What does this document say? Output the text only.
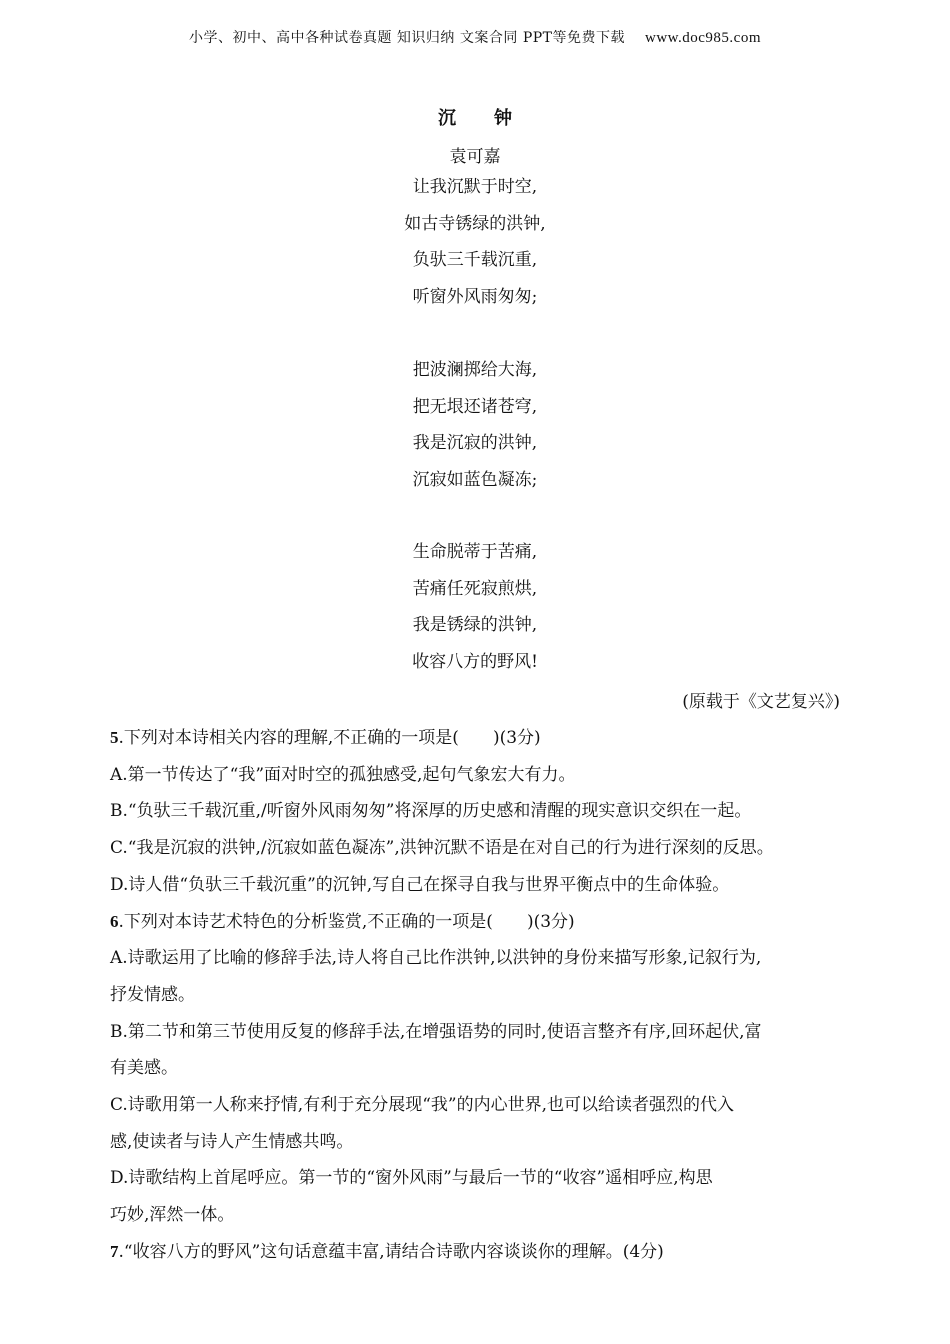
小学、初中、高中各种试卷真题 知识归纳 文案合同 PPT等免费下载 www.doc985.com
沉 钟
袁可嘉
让我沉默于时空,
如古寺锈绿的洪钟,
负驮三千载沉重,
听窗外风雨匆匆;
把波澜掷给大海,
把无垠还诸苍穹,
我是沉寂的洪钟,
沉寂如蓝色凝冻;
生命脱蒂于苦痛,
苦痛任死寂煎烘,
我是锈绿的洪钟,
收容八方的野风!
(原载于《文艺复兴》)

5.下列对本诗相关内容的理解,不正确的一项是( )(3分)

A.第一节传达了“我”面对时空的孤独感受,起句气象宏大有力。

B.“负驮三千载沉重,/听窗外风雨匆匆”将深厚的历史感和清醒的现实意识交织在一起。

C.“我是沉寂的洪钟,/沉寂如蓝色凝冻”,洪钟沉默不语是在对自己的行为进行深刻的反思。

D.诗人借“负驮三千载沉重”的沉钟,写自己在探寻自我与世界平衡点中的生命体验。

6.下列对本诗艺术特色的分析鉴赏,不正确的一项是( )(3分)

A.诗歌运用了比喻的修辞手法,诗人将自己比作洪钟,以洪钟的身份来描写形象,记叙行为,

抒发情感。

B.第二节和第三节使用反复的修辞手法,在增强语势的同时,使语言整齐有序,回环起伏,富

有美感。

C.诗歌用第一人称来抒情,有利于充分展现“我”的内心世界,也可以给读者强烈的代入

感,使读者与诗人产生情感共鸣。

D.诗歌结构上首尾呼应。第一节的“窗外风雨”与最后一节的“收容”遥相呼应,构思

巧妙,浑然一体。

7.“收容八方的野风”这句话意蕴丰富,请结合诗歌内容谈谈你的理解。(4分)
